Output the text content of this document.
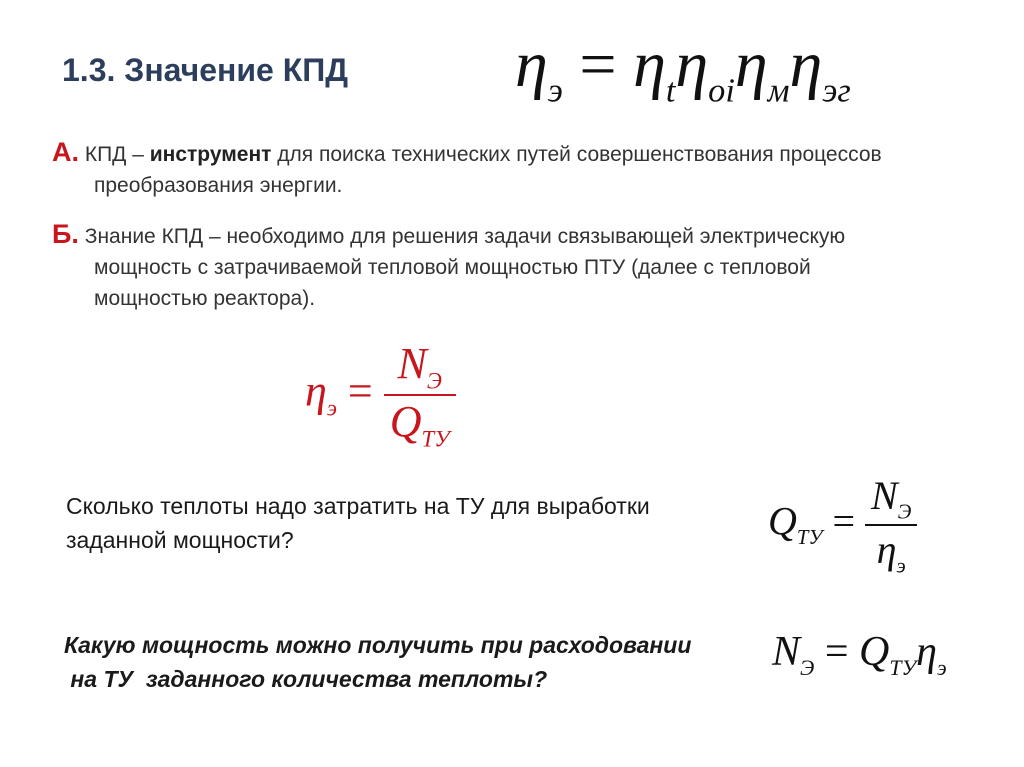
1.3. Значение КПД	$\eta_э = \eta_t\eta_{oi}\eta_м\eta_{эг}$
А. КПД – инструмент для поиска технических путей совершенствования процессов
преобразования энергии.
Б. Знание КПД – необходимо для решения задачи связывающей электрическую
мощность с затрачиваемой тепловой мощностью ПТУ (далее с тепловой
мощностью реактора).
$\eta_э = \frac{N_Э}{Q_{ТУ}}$
Сколько теплоты надо затратить на ТУ для выработки
заданной мощности?	$Q_{ТУ} = \frac{N_Э}{\eta_э}$
Какую мощность можно получить при расходовании
на ТУ  заданного количества теплоты?
$N_Э = Q_{ТУ}\eta_э$
